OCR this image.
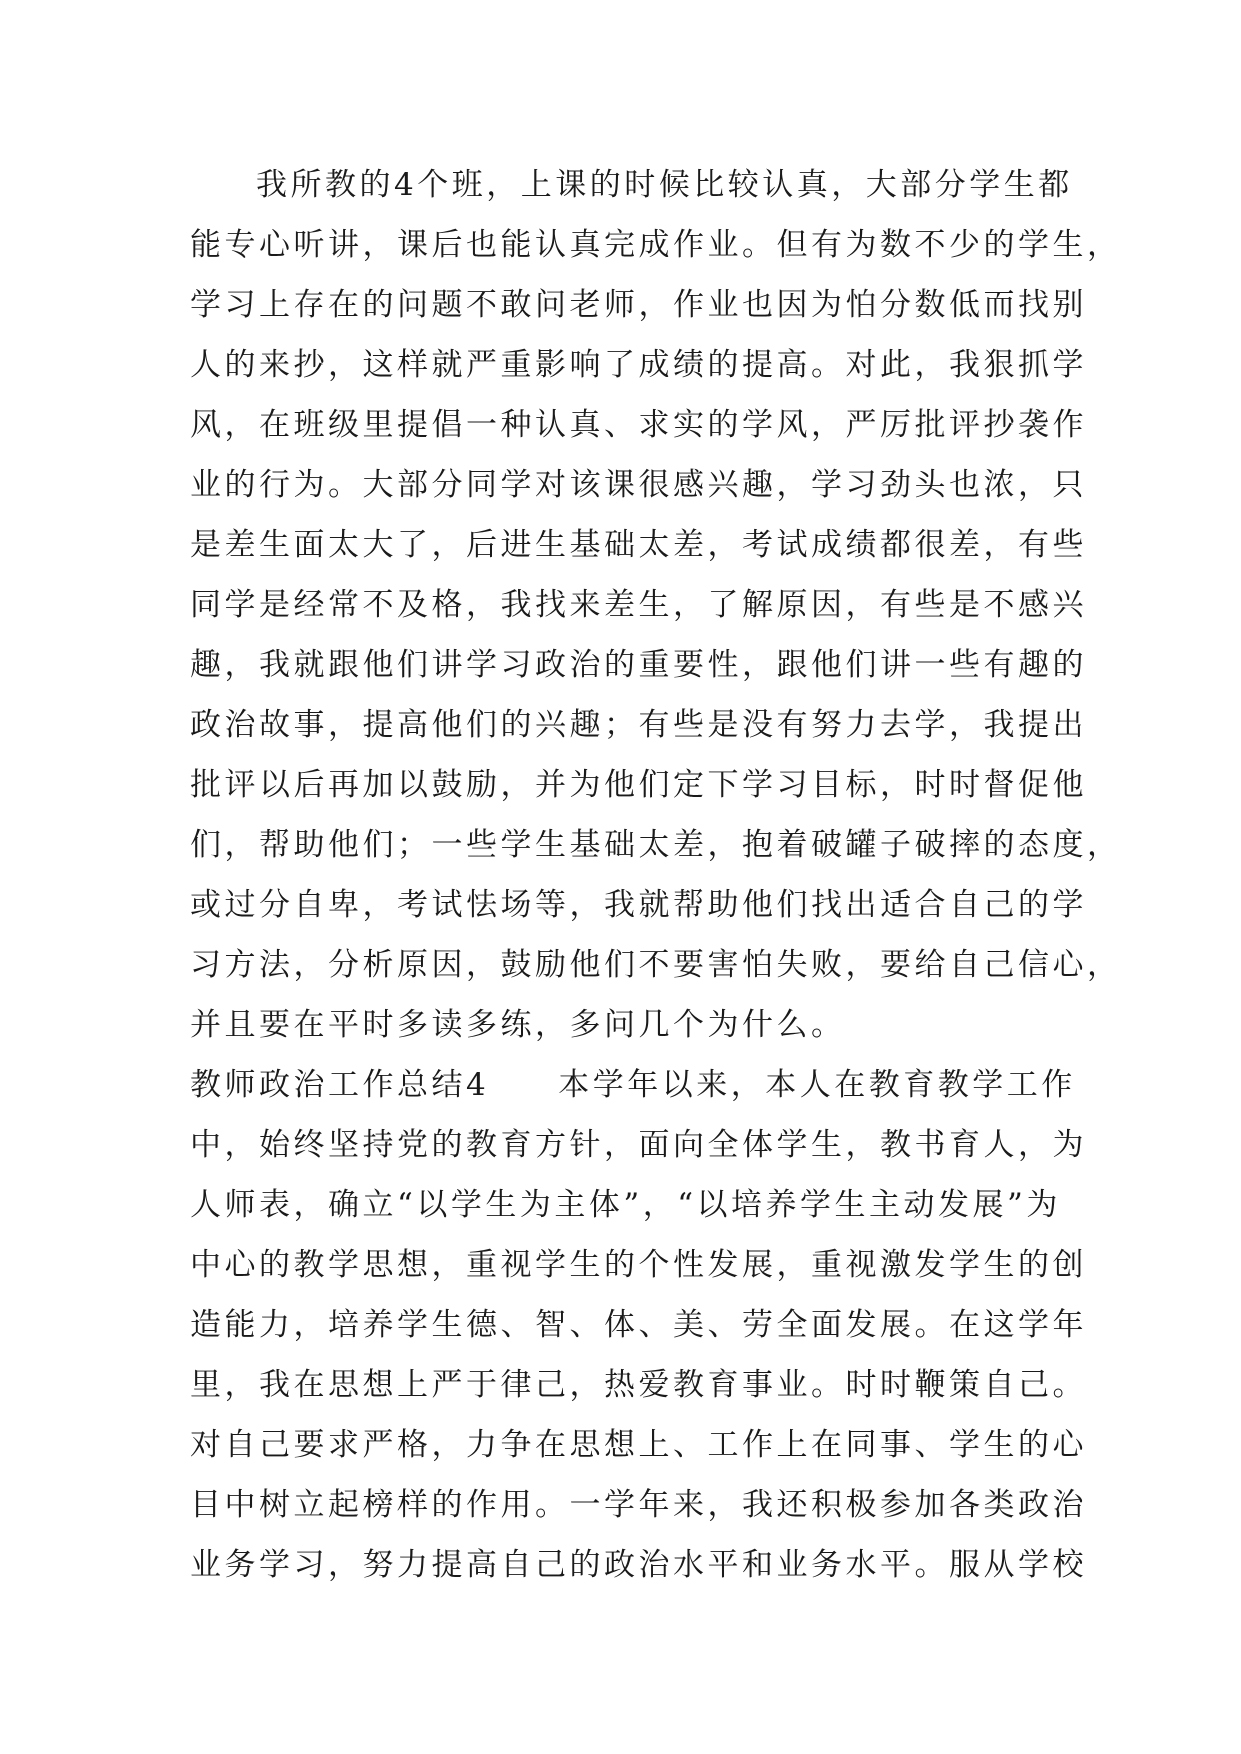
我所教的4个班，上课的时候比较认真，大部分学生都
能专心听讲，课后也能认真完成作业。但有为数不少的学生，
学习上存在的问题不敢问老师，作业也因为怕分数低而找别
人的来抄，这样就严重影响了成绩的提高。对此，我狠抓学
风，在班级里提倡一种认真、求实的学风，严厉批评抄袭作
业的行为。大部分同学对该课很感兴趣，学习劲头也浓，只
是差生面太大了，后进生基础太差，考试成绩都很差，有些
同学是经常不及格，我找来差生，了解原因，有些是不感兴
趣，我就跟他们讲学习政治的重要性，跟他们讲一些有趣的
政治故事，提高他们的兴趣；有些是没有努力去学，我提出
批评以后再加以鼓励，并为他们定下学习目标，时时督促他
们，帮助他们；一些学生基础太差，抱着破罐子破摔的态度，
或过分自卑，考试怯场等，我就帮助他们找出适合自己的学
习方法，分析原因，鼓励他们不要害怕失败，要给自己信心，
并且要在平时多读多练，多问几个为什么。
教师政治工作总结4　　本学年以来，本人在教育教学工作
中，始终坚持党的教育方针，面向全体学生，教书育人，为
人师表，确立“以学生为主体”，“以培养学生主动发展”为
中心的教学思想，重视学生的个性发展，重视激发学生的创
造能力，培养学生德、智、体、美、劳全面发展。在这学年
里，我在思想上严于律己，热爱教育事业。时时鞭策自己。
对自己要求严格，力争在思想上、工作上在同事、学生的心
目中树立起榜样的作用。一学年来，我还积极参加各类政治
业务学习，努力提高自己的政治水平和业务水平。服从学校
